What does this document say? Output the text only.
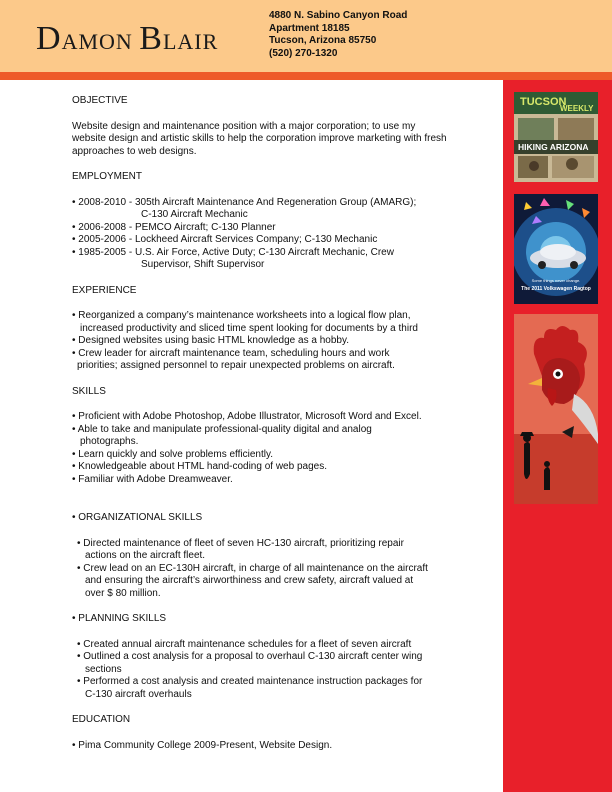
DAMON BLAIR
4880 N. Sabino Canyon Road
Apartment 18185
Tucson, Arizona 85750
(520) 270-1320
TUCSON
WEEKLY
HIKING ARIZONA
Some things never change.
The 2011 Volkswagen Ragtop

OBJECTIVE

Website design and maintenance position with a major corporation; to use my

website design and artistic skills to help the corporation improve marketing with fresh

approaches to web designs.

EMPLOYMENT

• 2008-2010 - 305th Aircraft Maintenance And Regeneration Group (AMARG);

C-130 Aircraft Mechanic

• 2006-2008 - PEMCO Aircraft; C-130 Planner

• 2005-2006 - Lockheed Aircraft Services Company; C-130 Mechanic

• 1985-2005 - U.S. Air Force, Active Duty; C-130 Aircraft Mechanic, Crew

Supervisor, Shift Supervisor

EXPERIENCE

• Reorganized a company’s maintenance worksheets into a logical flow plan,

increased productivity and sliced time spent looking for documents by a third

• Designed websites using basic HTML knowledge as a hobby.

• Crew leader for aircraft maintenance team, scheduling hours and work

priorities; assigned personnel to repair unexpected problems on aircraft.

SKILLS

• Proficient with Adobe Photoshop, Adobe Illustrator, Microsoft Word and Excel.

• Able to take and manipulate professional-quality digital and analog

photographs.

• Learn quickly and solve problems efficiently.

• Knowledgeable about HTML hand-coding of web pages.

• Familiar with Adobe Dreamweaver.

• ORGANIZATIONAL SKILLS

• Directed maintenance of fleet of seven HC-130 aircraft, prioritizing repair

actions on the aircraft fleet.

• Crew lead on an EC-130H aircraft, in charge of all maintenance on the aircraft

and ensuring the aircraft’s airworthiness and crew safety, aircraft valued at

over $ 80 million.

• PLANNING SKILLS

• Created annual aircraft maintenance schedules for a fleet of seven aircraft

• Outlined a cost analysis for a proposal to overhaul C-130 aircraft center wing

sections

• Performed a cost analysis and created maintenance instruction packages for

C-130 aircraft overhauls

EDUCATION

• Pima Community College 2009-Present, Website Design.
